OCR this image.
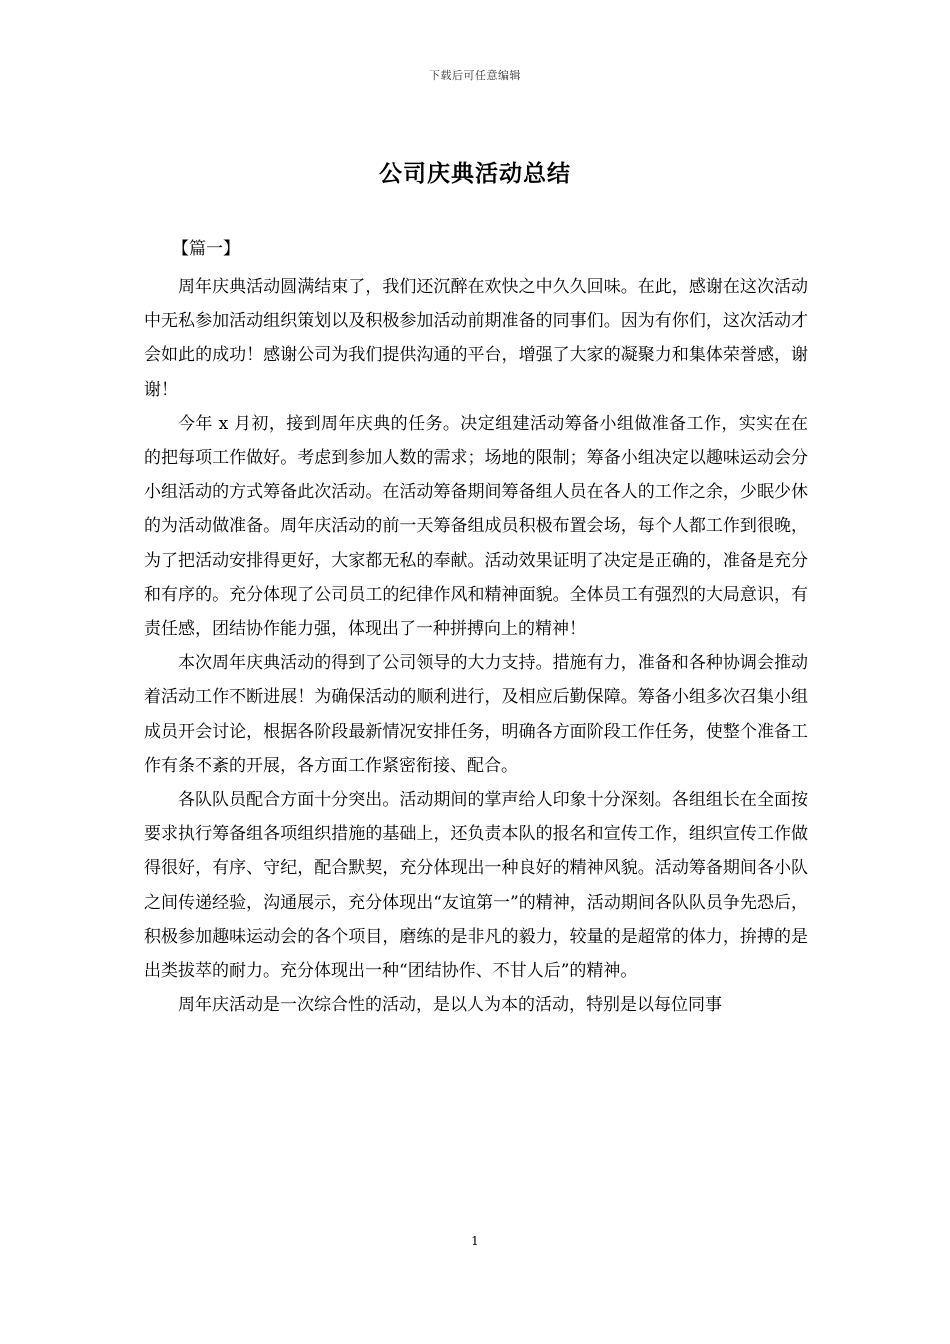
下载后可任意编辑
公司庆典活动总结
【篇一】

周年庆典活动圆满结束了，我们还沉醉在欢快之中久久回味。在此，感谢在这次活动中无私参加活动组织策划以及积极参加活动前期准备的同事们。因为有你们，这次活动才会如此的成功！感谢公司为我们提供沟通的平台，增强了大家的凝聚力和集体荣誉感，谢谢！

今年 x 月初，接到周年庆典的任务。决定组建活动筹备小组做准备工作，实实在在的把每项工作做好。考虑到参加人数的需求；场地的限制；筹备小组决定以趣味运动会分小组活动的方式筹备此次活动。在活动筹备期间筹备组人员在各人的工作之余，少眠少休的为活动做准备。周年庆活动的前一天筹备组成员积极布置会场，每个人都工作到很晚，为了把活动安排得更好，大家都无私的奉献。活动效果证明了决定是正确的，准备是充分和有序的。充分体现了公司员工的纪律作风和精神面貌。全体员工有强烈的大局意识，有责任感，团结协作能力强，体现出了一种拼搏向上的精神！

本次周年庆典活动的得到了公司领导的大力支持。措施有力，准备和各种协调会推动着活动工作不断进展！为确保活动的顺利进行，及相应后勤保障。筹备小组多次召集小组成员开会讨论，根据各阶段最新情况安排任务，明确各方面阶段工作任务，使整个准备工作有条不紊的开展，各方面工作紧密衔接、配合。

各队队员配合方面十分突出。活动期间的掌声给人印象十分深刻。各组组长在全面按要求执行筹备组各项组织措施的基础上，还负责本队的报名和宣传工作，组织宣传工作做得很好，有序、守纪，配合默契，充分体现出一种良好的精神风貌。活动筹备期间各小队之间传递经验，沟通展示，充分体现出“友谊第一”的精神，活动期间各队队员争先恐后，积极参加趣味运动会的各个项目，磨练的是非凡的毅力，较量的是超常的体力，拚搏的是出类拔萃的耐力。充分体现出一种“团结协作、不甘人后”的精神。

周年庆活动是一次综合性的活动，是以人为本的活动，特别是以每位同事

1
